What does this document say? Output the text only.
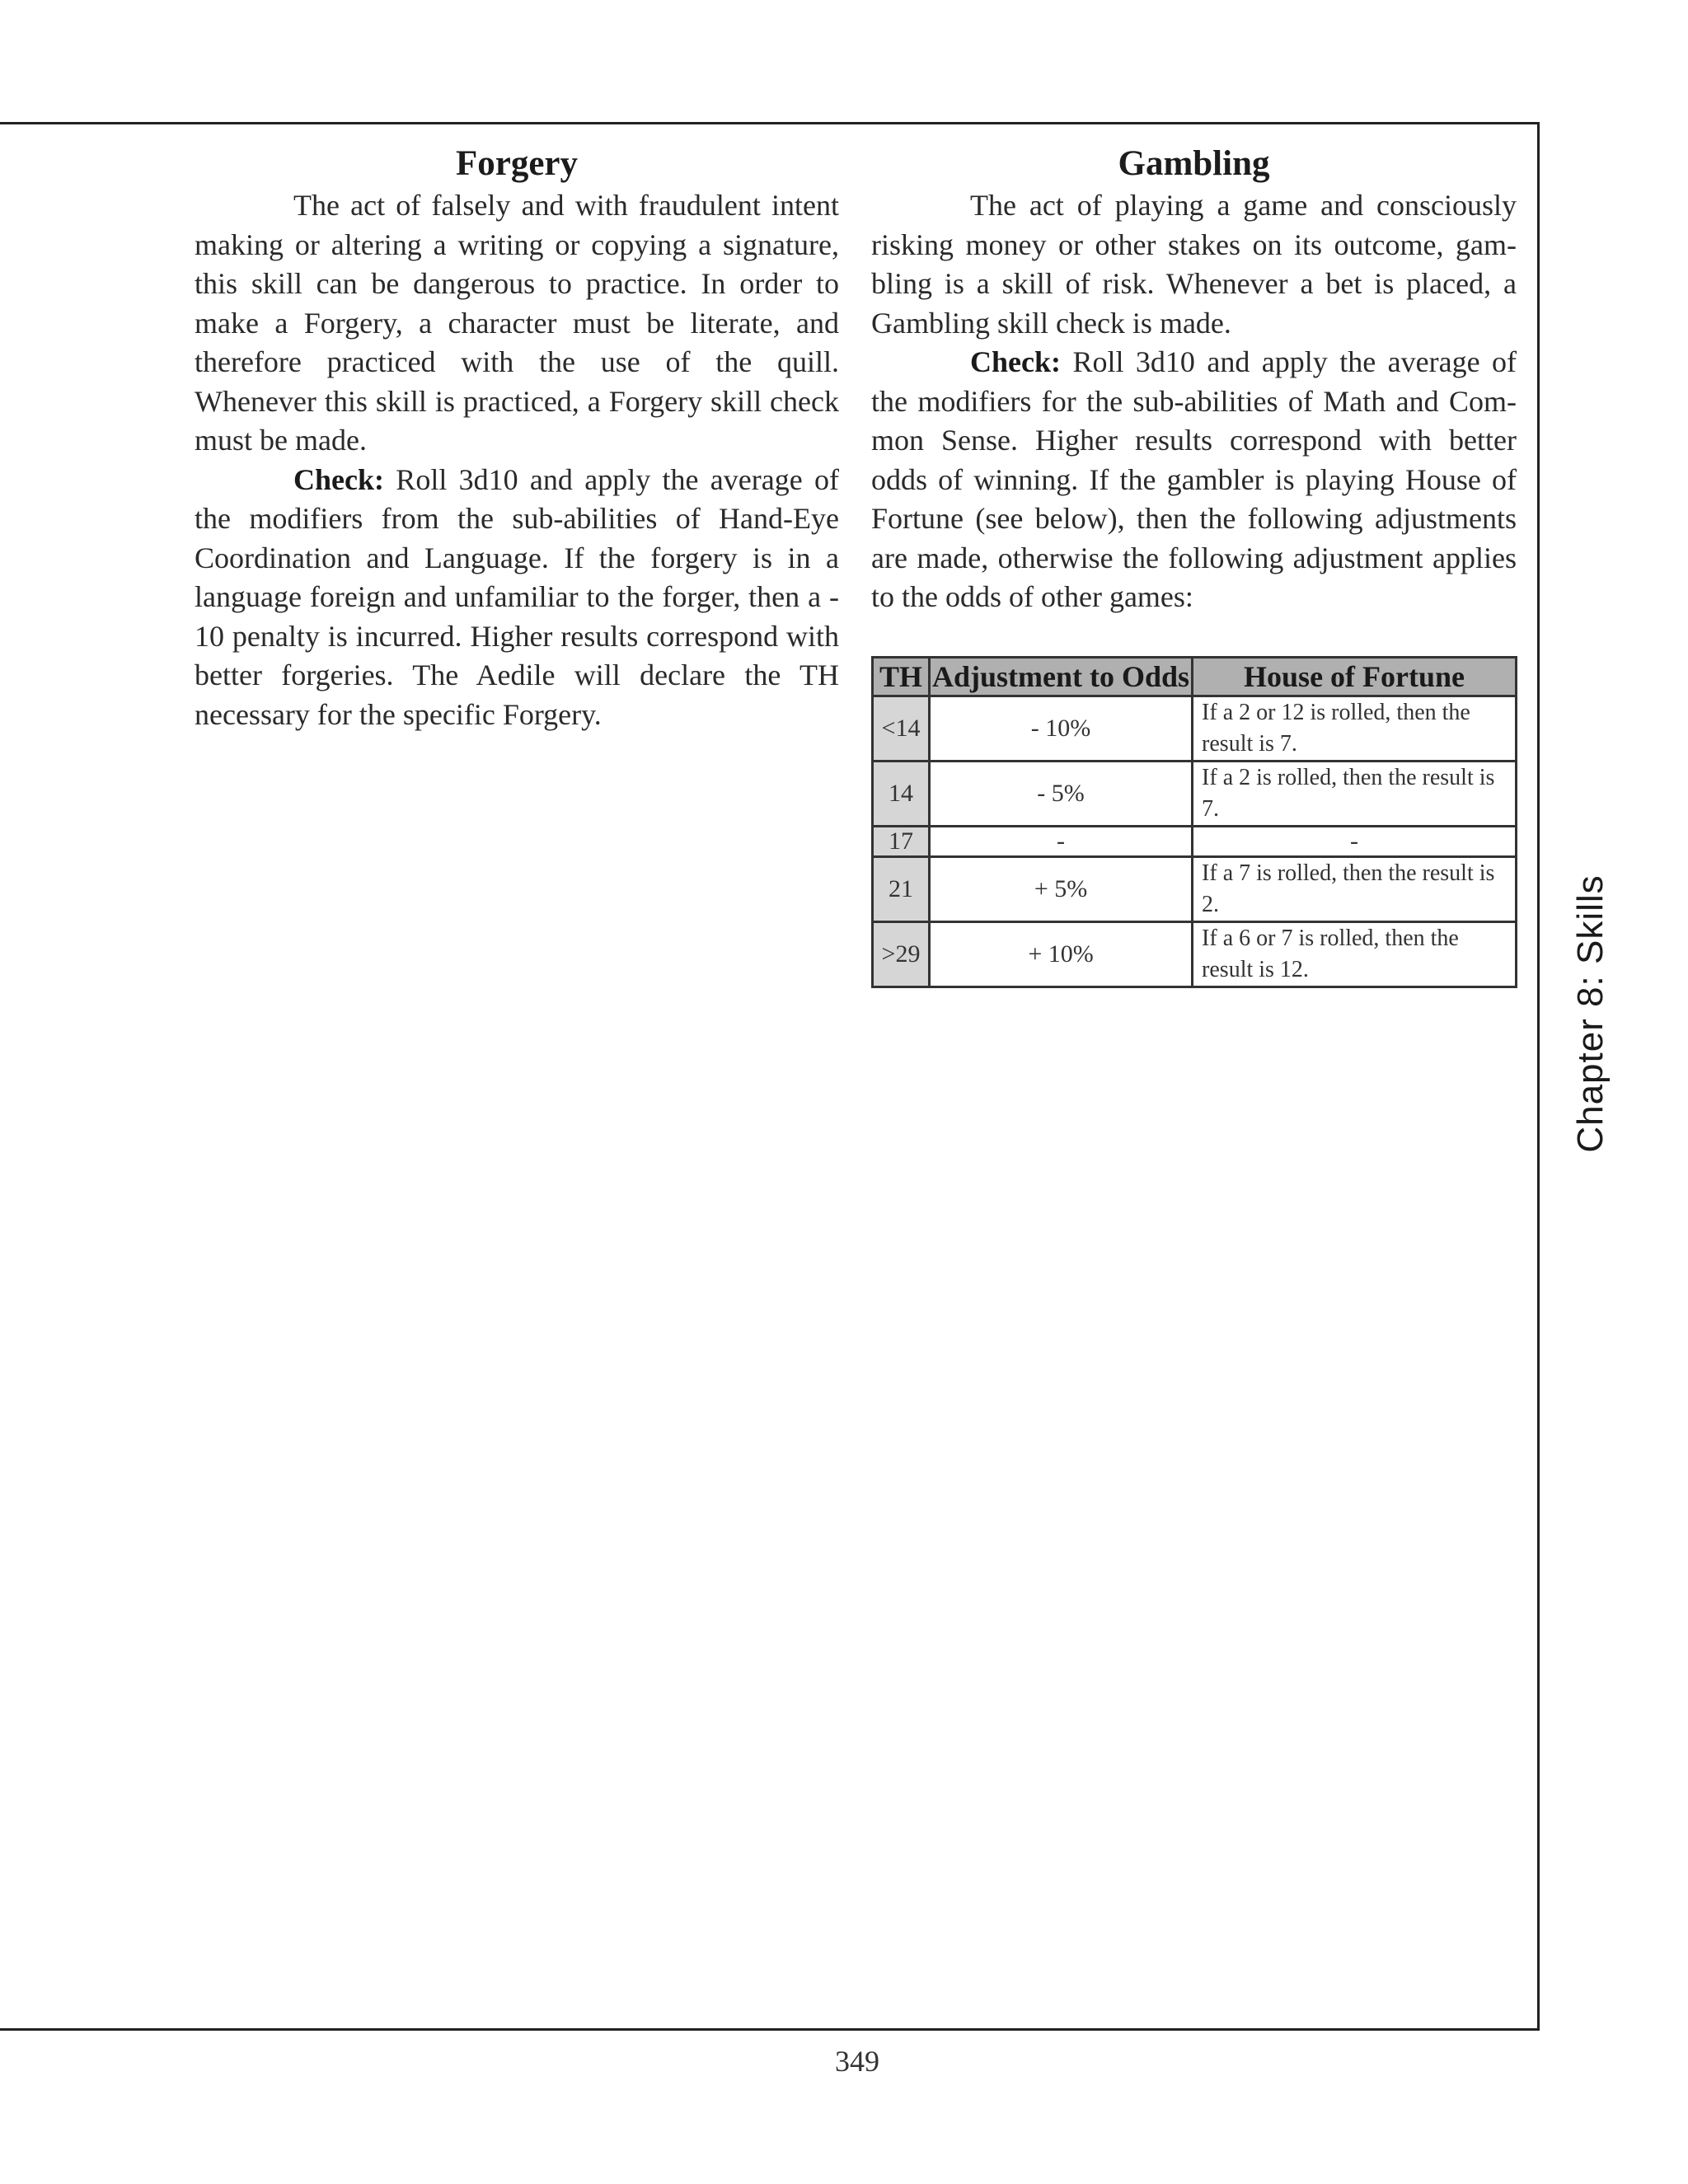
Forgery

The act of falsely and with fraudulent intent making or altering a writing or copying a signature, this skill can be dangerous to practice. In order to make a Forgery, a character must be literate, and therefore practiced with the use of the quill. Whenever this skill is practiced, a Forgery skill check must be made.

Check: Roll 3d10 and apply the average of the modifiers from the sub-abilities of Hand-Eye Coordination and Language. If the forgery is in a language foreign and unfamiliar to the forger, then a - 10 penalty is incurred. Higher results correspond with better forgeries. The Aedile will declare the TH necessary for the specific Forgery.

Gambling

The act of playing a game and consciously risking money or other stakes on its outcome, gambling is a skill of risk. Whenever a bet is placed, a Gambling skill check is made.

Check: Roll 3d10 and apply the average of the modifiers for the sub-abilities of Math and Common Sense. Higher results correspond with better odds of winning. If the gambler is playing House of Fortune (see below), then the following adjustments are made, otherwise the following adjustment applies to the odds of other games:

TH	Adjustment to Odds	House of Fortune
<14	- 10%	If a 2 or 12 is rolled, then the result is 7.
14	- 5%	If a 2 is rolled, then the result is 7.
17	-	-
21	+ 5%	If a 7 is rolled, then the result is 2.
>29	+ 10%	If a 6 or 7 is rolled, then the result is 12.	Chapter 8: Skills
349
